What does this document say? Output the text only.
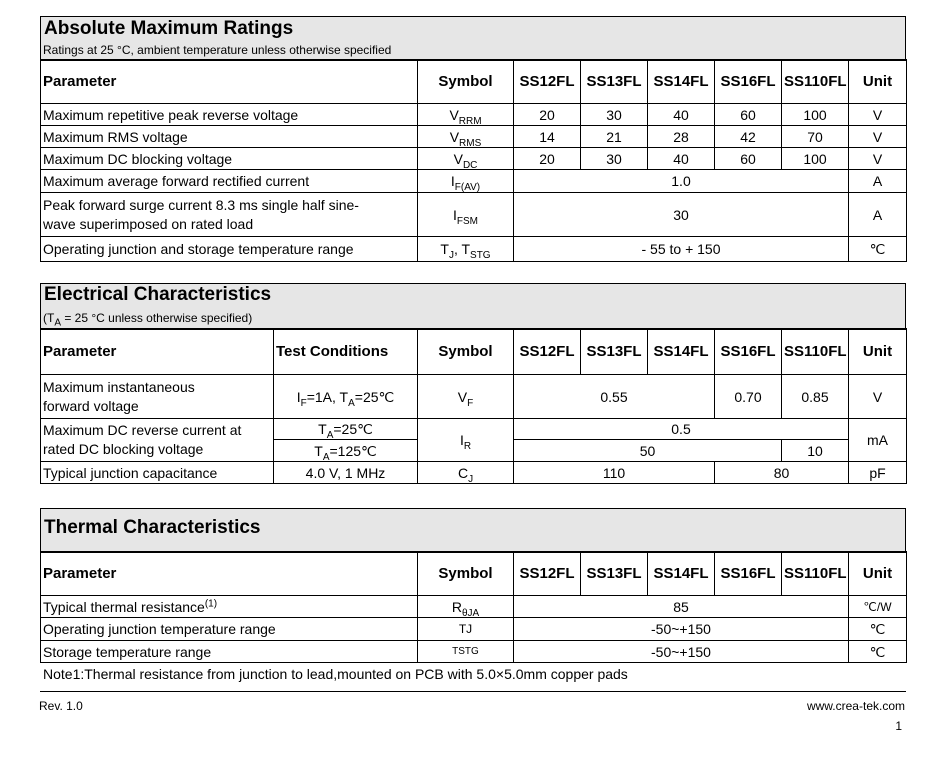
Absolute Maximum Ratings
Ratings at 25 °C, ambient temperature unless otherwise specified
Parameter	Symbol	SS12FL	SS13FL	SS14FL	SS16FL	SS110FL	Unit
Maximum repetitive peak reverse voltage	$V_{RRM}$	20	30	40	60	100	V
Maximum RMS voltage	$V_{RMS}$	14	21	28	42	70	V
Maximum DC blocking voltage	$V_{DC}$	20	30	40	60	100	V
Maximum average forward rectified current	$I_{F(AV)}$	1.0					A
Peak forward surge current 8.3 ms single half sine-
wave superimposed on rated load	$I_{FSM}$	30					A
Operating junction and storage temperature range	$T_J$, $T_{STG}$	- 55 to + 150					℃
Electrical Characteristics
($T_A = 25$ °C unless otherwise specified)
Parameter	Test Conditions	Symbol	SS12FL	SS13FL	SS14FL	SS16FL	SS110FL	Unit
Maximum instantaneous
forward voltage	$I_F=1A$, $T_A=25℃$	$V_F$	0.55			0.70	0.85	V
Maximum DC reverse current at
rated DC blocking voltage	$T_A=25℃$	$I_R$	0.5					mA
	$T_A=125℃$		50				10	
Typical junction capacitance	4.0 V, 1 MHz	$C_J$	110			80		pF
Thermal Characteristics
Parameter	Symbol	SS12FL	SS13FL	SS14FL	SS16FL	SS110FL	Unit
Typical thermal resistance$^{(1)}$	$R_{\theta JA}$	85					℃/W
Operating junction temperature range	TJ	-50~+150					℃
Storage temperature range	TSTG	-50~+150					℃
Note1:Thermal resistance from junction to lead,mounted on PCB with 5.0×5.0mm copper pads
Rev. 1.0	www.crea-tek.com
1
